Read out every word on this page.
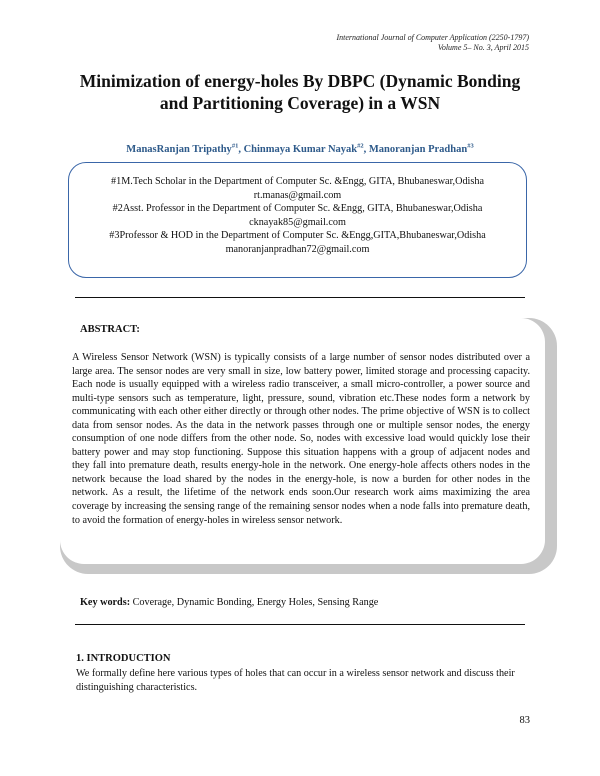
International Journal of Computer Application (2250-1797)
Volume 5– No. 3, April 2015
Minimization of energy-holes By DBPC (Dynamic Bonding
and Partitioning Coverage) in a WSN
ManasRanjan Tripathy$^{\#1}$, Chinmaya Kumar Nayak$^{\#2}$, Manoranjan Pradhan$^{\#3}$
#1M.Tech Scholar in the Department of Computer Sc. &Engg, GITA, Bhubaneswar,Odisha
rt.manas@gmail.com
#2Asst. Professor in the Department of Computer Sc. &Engg, GITA, Bhubaneswar,Odisha
cknayak85@gmail.com
#3Professor & HOD in the Department of Computer Sc. &Engg,GITA,Bhubaneswar,Odisha
manoranjanpradhan72@gmail.com
ABSTRACT:
A Wireless Sensor Network (WSN) is typically consists of a large number of sensor nodes distributed over a large area. The sensor nodes are very small in size, low battery power, limited storage and processing capacity. Each node is usually equipped with a wireless radio transceiver, a small micro-controller, a power source and multi-type sensors such as temperature, light, pressure, sound, vibration etc.These nodes form a network by communicating with each other either directly or through other nodes. The prime objective of WSN is to collect data from sensor nodes. As the data in the network passes through one or multiple sensor nodes, the energy consumption of one node differs from the other node. So, nodes with excessive load would quickly lose their battery power and may stop functioning. Suppose this situation happens with a group of adjacent nodes and they fall into premature death, results energy-hole in the network. One energy-hole affects others nodes in the network because the load shared by the nodes in the energy-hole, is now a burden for other nodes in the network. As a result, the lifetime of the network ends soon.Our research work aims maximizing the area coverage by increasing the sensing range of the remaining sensor nodes when a node falls into premature death, to avoid the formation of energy-holes in wireless sensor network.
Key words: Coverage, Dynamic Bonding, Energy Holes, Sensing Range
1. INTRODUCTION
We formally define here various types of holes that can occur in a wireless sensor network and discuss their distinguishing characteristics.
83
